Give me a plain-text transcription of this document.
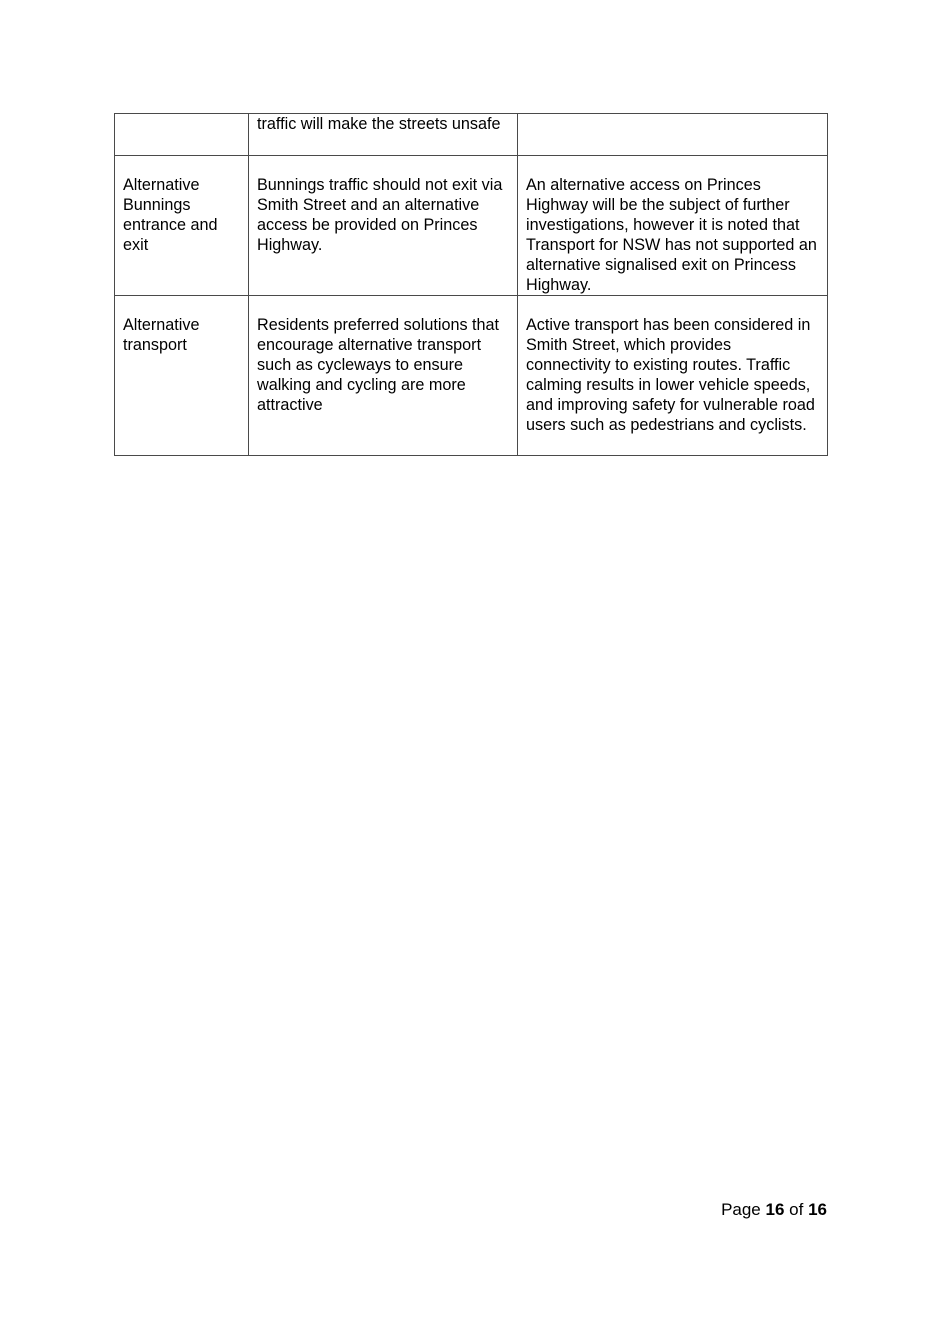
	traffic will make the streets unsafe	
Alternative Bunnings entrance and exit	Bunnings traffic should not exit via Smith Street and an alternative access be provided on Princes Highway.	An alternative access on Princes Highway will be the subject of further investigations, however it is noted that Transport for NSW has not supported an alternative signalised exit on Princess Highway.
Alternative transport	Residents preferred solutions that encourage alternative transport such as cycleways to ensure walking and cycling are more attractive	Active transport has been considered in Smith Street, which provides connectivity to existing routes. Traffic calming results in lower vehicle speeds, and improving safety for vulnerable road users such as pedestrians and cyclists.
Page 16 of 16
